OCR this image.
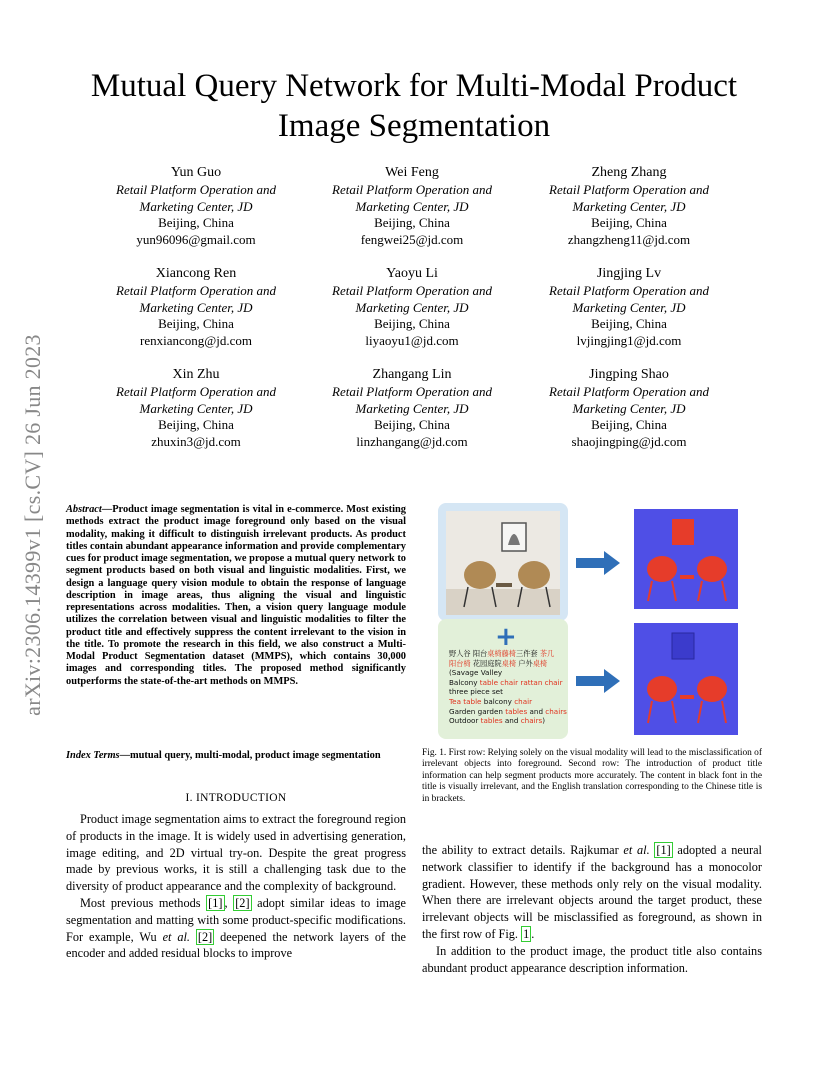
arXiv:2306.14399v1 [cs.CV] 26 Jun 2023
Mutual Query Network for Multi-Modal Product Image Segmentation
Yun Guo
Retail Platform Operation and
Marketing Center, JD
Beijing, China
yun96096@gmail.com
Wei Feng
Retail Platform Operation and
Marketing Center, JD
Beijing, China
fengwei25@jd.com
Zheng Zhang
Retail Platform Operation and
Marketing Center, JD
Beijing, China
zhangzheng11@jd.com
Xiancong Ren
Retail Platform Operation and
Marketing Center, JD
Beijing, China
renxiancong@jd.com
Yaoyu Li
Retail Platform Operation and
Marketing Center, JD
Beijing, China
liyaoyu1@jd.com
Jingjing Lv
Retail Platform Operation and
Marketing Center, JD
Beijing, China
lvjingjing1@jd.com
Xin Zhu
Retail Platform Operation and
Marketing Center, JD
Beijing, China
zhuxin3@jd.com
Zhangang Lin
Retail Platform Operation and
Marketing Center, JD
Beijing, China
linzhangang@jd.com
Jingping Shao
Retail Platform Operation and
Marketing Center, JD
Beijing, China
shaojingping@jd.com
Abstract—Product image segmentation is vital in e-commerce. Most existing methods extract the product image foreground only based on the visual modality, making it difficult to distinguish irrelevant products. As product titles contain abundant appearance information and provide complementary cues for product image segmentation, we propose a mutual query network to segment products based on both visual and linguistic modalities. First, we design a language query vision module to obtain the response of language description in image areas, thus aligning the visual and linguistic representations across modalities. Then, a vision query language module utilizes the correlation between visual and linguistic modalities to filter the product title and effectively suppress the content irrelevant to the vision in the title. To promote the research in this field, we also construct a Multi-Modal Product Segmentation dataset (MMPS), which contains 30,000 images and corresponding titles. The proposed method significantly outperforms the state-of-the-art methods on MMPS.
Index Terms—mutual query, multi-modal, product image segmentation
I. INTRODUCTION

Product image segmentation aims to extract the foreground region of products in the image. It is widely used in advertising generation, image editing, and 2D virtual try-on. Despite the great progress made by previous works, it is still a challenging task due to the diversity of product appearance and the complexity of background.

Most previous methods [1] , [2] adopt similar ideas to image segmentation and matting with some product-specific modifications. For example, Wu et al. [2] deepened the network layers of the encoder and added residual blocks to improve

the ability to extract details. Rajkumar et al. [1] adopted a neural network classifier to identify if the background has a monocolor gradient. However, these methods only rely on the visual modality. When there are irrelevant objects around the target product, these irrelevant objects will be misclassified as foreground, as shown in the first row of Fig. 1 .

In addition to the product image, the product title also contains abundant product appearance description information.

+
野人谷 阳台桌椅藤椅三件套 茶几
阳台椅 花园庭院桌椅 户外桌椅
(Savage Valley
Balcony table chair rattan chair
three piece set
Tea table balcony chair
Garden garden tables and chairs
Outdoor tables and chairs)
Fig. 1. First row: Relying solely on the visual modality will lead to the misclassification of irrelevant objects into foreground. Second row: The introduction of product title information can help segment products more accurately. The content in black font in the title is visually irrelevant, and the English translation corresponding to the Chinese title is in brackets.
